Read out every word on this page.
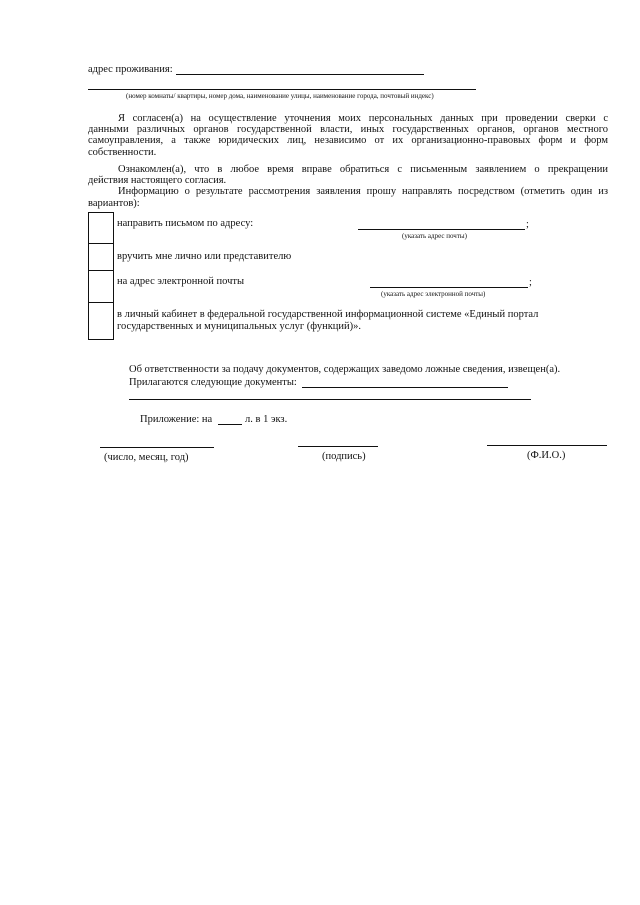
адрес проживания:
(номер комнаты/ квартиры, номер дома, наименование улицы, наименование города, почтовый индекс)
Я согласен(а) на осуществление уточнения моих персональных данных при проведении сверки с
данными различных органов государственной власти, иных государственных органов, органов местного
самоуправления, а также юридических лиц, независимо от их организационно-правовых форм и форм
собственности.
Ознакомлен(а), что в любое время вправе обратиться с письменным заявлением о прекращении
действия настоящего согласия.
Информацию о результате рассмотрения заявления прошу направлять посредством (отметить один из
вариантов):
направить письмом по адресу:	;
(указать адрес почты)
вручить мне лично или представителю
на адрес электронной почты	;
(указать адрес электронной почты)
в личный кабинет в федеральной государственной информационной системе «Единый портал
государственных и муниципальных услуг (функций)».
Об ответственности за подачу документов, содержащих заведомо ложные сведения, извещен(а).
Прилагаются следующие документы:
Приложение: на	л. в 1 экз.
(число, месяц, год)	(подпись)	(Ф.И.О.)
